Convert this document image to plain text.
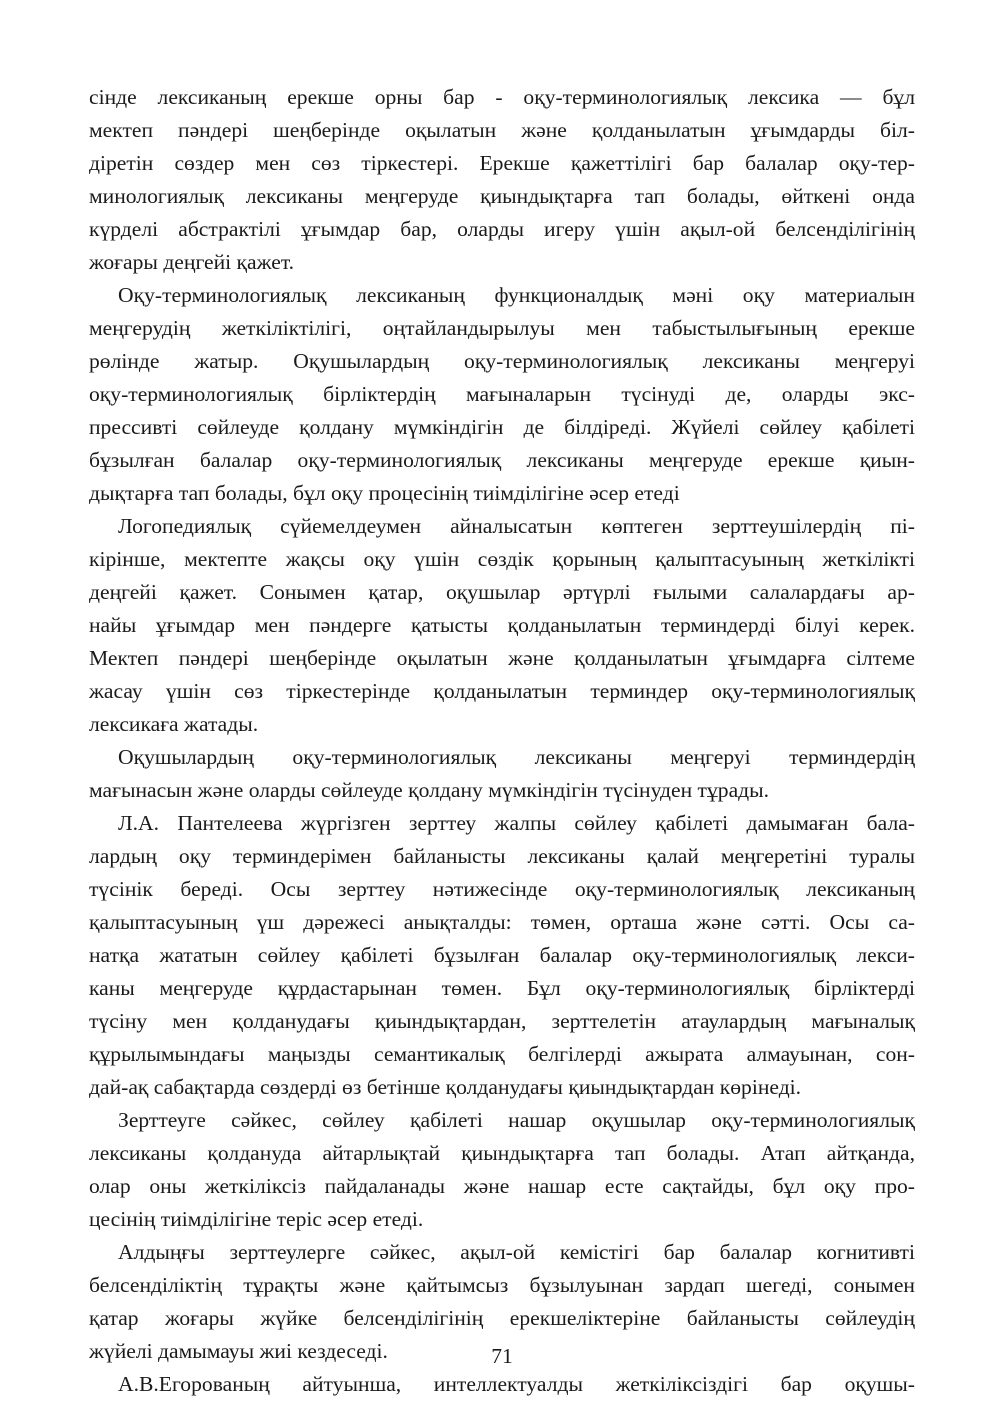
сінде лексиканың ерекше орны бар - оқу-терминологиялық лексика — бұл
мектеп пәндері шеңберінде оқылатын және қолданылатын ұғымдарды біл-
діретін сөздер мен сөз тіркестері. Ерекше қажеттілігі бар балалар оқу-тер-
минологиялық лексиканы меңгеруде қиындықтарға тап болады, өйткені онда
күрделі абстрактілі ұғымдар бар, оларды игеру үшін ақыл-ой белсенділігінің
жоғары деңгейі қажет.
Оқу-терминологиялық лексиканың функционалдық мәні оқу материалын
меңгерудің жеткіліктілігі, оңтайландырылуы мен табыстылығының ерекше
рөлінде жатыр. Оқушылардың оқу-терминологиялық лексиканы меңгеруі
оқу-терминологиялық бірліктердің мағыналарын түсінуді де, оларды экс-
прессивті сөйлеуде қолдану мүмкіндігін де білдіреді. Жүйелі сөйлеу қабілеті
бұзылған балалар оқу-терминологиялық лексиканы меңгеруде ерекше қиын-
дықтарға тап болады, бұл оқу процесінің тиімділігіне әсер етеді
Логопедиялық сүйемелдеумен айналысатын көптеген зерттеушілердің пі-
кірінше, мектепте жақсы оқу үшін сөздік қорының қалыптасуының жеткілікті
деңгейі қажет. Сонымен қатар, оқушылар әртүрлі ғылыми салалардағы ар-
найы ұғымдар мен пәндерге қатысты қолданылатын терминдерді білуі керек.
Мектеп пәндері шеңберінде оқылатын және қолданылатын ұғымдарға сілтеме
жасау үшін сөз тіркестерінде қолданылатын терминдер оқу-терминологиялық
лексикаға жатады.
Оқушылардың оқу-терминологиялық лексиканы меңгеруі терминдердің
мағынасын және оларды сөйлеуде қолдану мүмкіндігін түсінуден тұрады.
Л.А. Пантелеева жүргізген зерттеу жалпы сөйлеу қабілеті дамымаған бала-
лардың оқу терминдерімен байланысты лексиканы қалай меңгеретіні туралы
түсінік береді. Осы зерттеу нәтижесінде оқу-терминологиялық лексиканың
қалыптасуының үш дәрежесі анықталды: төмен, орташа және сәтті. Осы са-
натқа жататын сөйлеу қабілеті бұзылған балалар оқу-терминологиялық лекси-
каны меңгеруде құрдастарынан төмен. Бұл оқу-терминологиялық бірліктерді
түсіну мен қолданудағы қиындықтардан, зерттелетін атаулардың мағыналық
құрылымындағы маңызды семантикалық белгілерді ажырата алмауынан, сон-
дай-ақ сабақтарда сөздерді өз бетінше қолданудағы қиындықтардан көрінеді.
Зерттеуге сәйкес, сөйлеу қабілеті нашар оқушылар оқу-терминологиялық
лексиканы қолдануда айтарлықтай қиындықтарға тап болады. Атап айтқанда,
олар оны жеткіліксіз пайдаланады және нашар есте сақтайды, бұл оқу про-
цесінің тиімділігіне теріс әсер етеді.
Алдыңғы зерттеулерге сәйкес, ақыл-ой кемістігі бар балалар когнитивті
белсенділіктің тұрақты және қайтымсыз бұзылуынан зардап шегеді, сонымен
қатар жоғары жүйке белсенділігінің ерекшеліктеріне байланысты сөйлеудің
жүйелі дамымауы жиі кездеседі.
А.В.Егорованың айтуынша, интеллектуалды жеткіліксіздігі бар оқушы-
71
